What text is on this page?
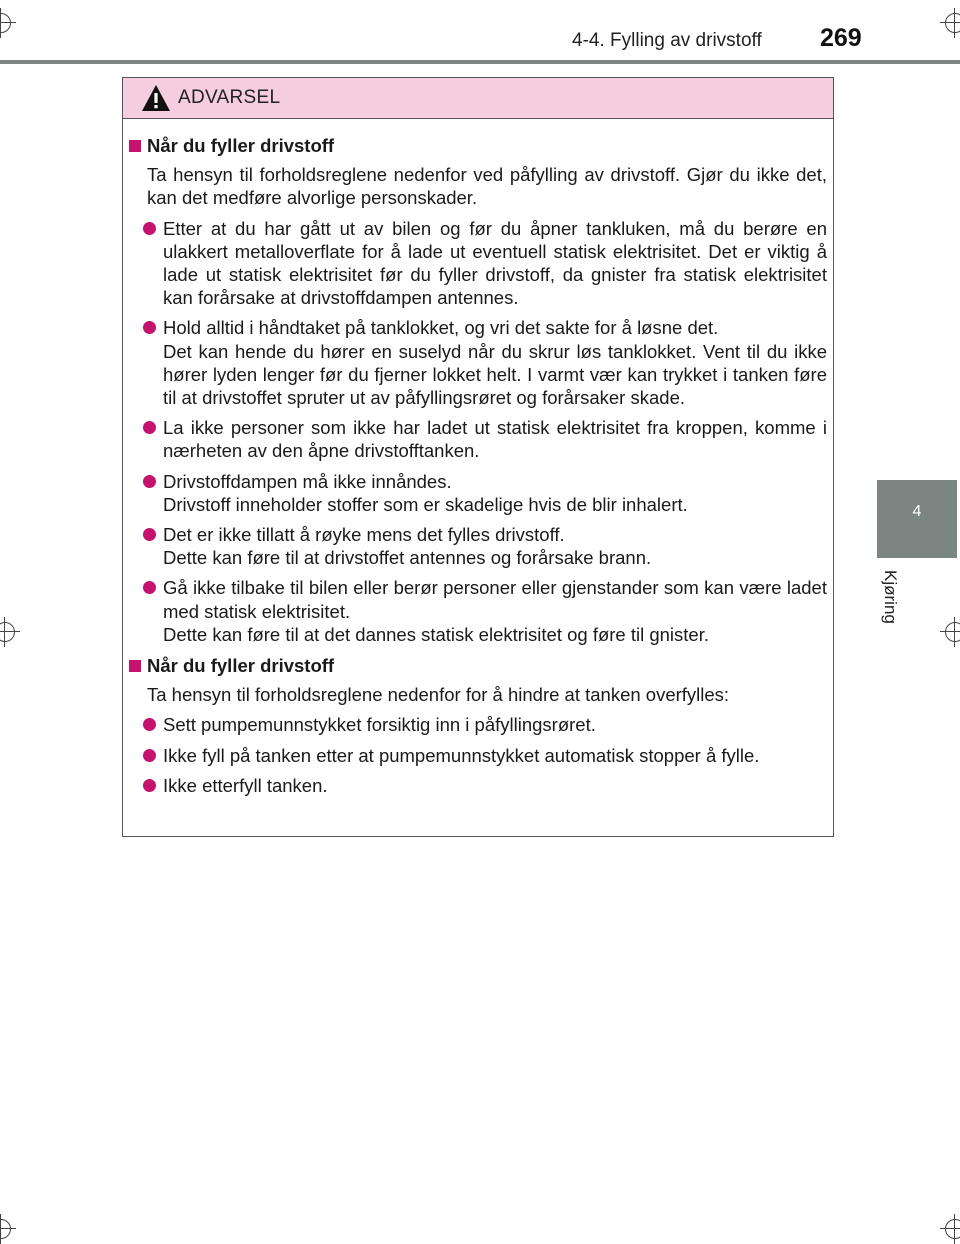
4-4. Fylling av drivstoff 269
4
Kjøring
ADVARSEL
Når du fyller drivstoff
Ta hensyn til forholdsreglene nedenfor ved påfylling av drivstoff. Gjør du ikke det, kan det medføre alvorlige personskader.
Etter at du har gått ut av bilen og før du åpner tankluken, må du berøre en ulakkert metalloverflate for å lade ut eventuell statisk elektrisitet. Det er viktig å lade ut statisk elektrisitet før du fyller drivstoff, da gnister fra statisk elektrisitet kan forårsake at drivstoffdampen antennes.
Hold alltid i håndtaket på tanklokket, og vri det sakte for å løsne det.
Det kan hende du hører en suselyd når du skrur løs tanklokket. Vent til du ikke hører lyden lenger før du fjerner lokket helt. I varmt vær kan trykket i tanken føre til at drivstoffet spruter ut av påfyllingsrøret og forårsaker skade.
La ikke personer som ikke har ladet ut statisk elektrisitet fra kroppen, komme i nærheten av den åpne drivstofftanken.
Drivstoffdampen må ikke innåndes.
Drivstoff inneholder stoffer som er skadelige hvis de blir inhalert.
Det er ikke tillatt å røyke mens det fylles drivstoff.
Dette kan føre til at drivstoffet antennes og forårsake brann.
Gå ikke tilbake til bilen eller berør personer eller gjenstander som kan være ladet med statisk elektrisitet.
Dette kan føre til at det dannes statisk elektrisitet og føre til gnister.
Når du fyller drivstoff
Ta hensyn til forholdsreglene nedenfor for å hindre at tanken overfylles:
Sett pumpemunnstykket forsiktig inn i påfyllingsrøret.
Ikke fyll på tanken etter at pumpemunnstykket automatisk stopper å fylle.
Ikke etterfyll tanken.
